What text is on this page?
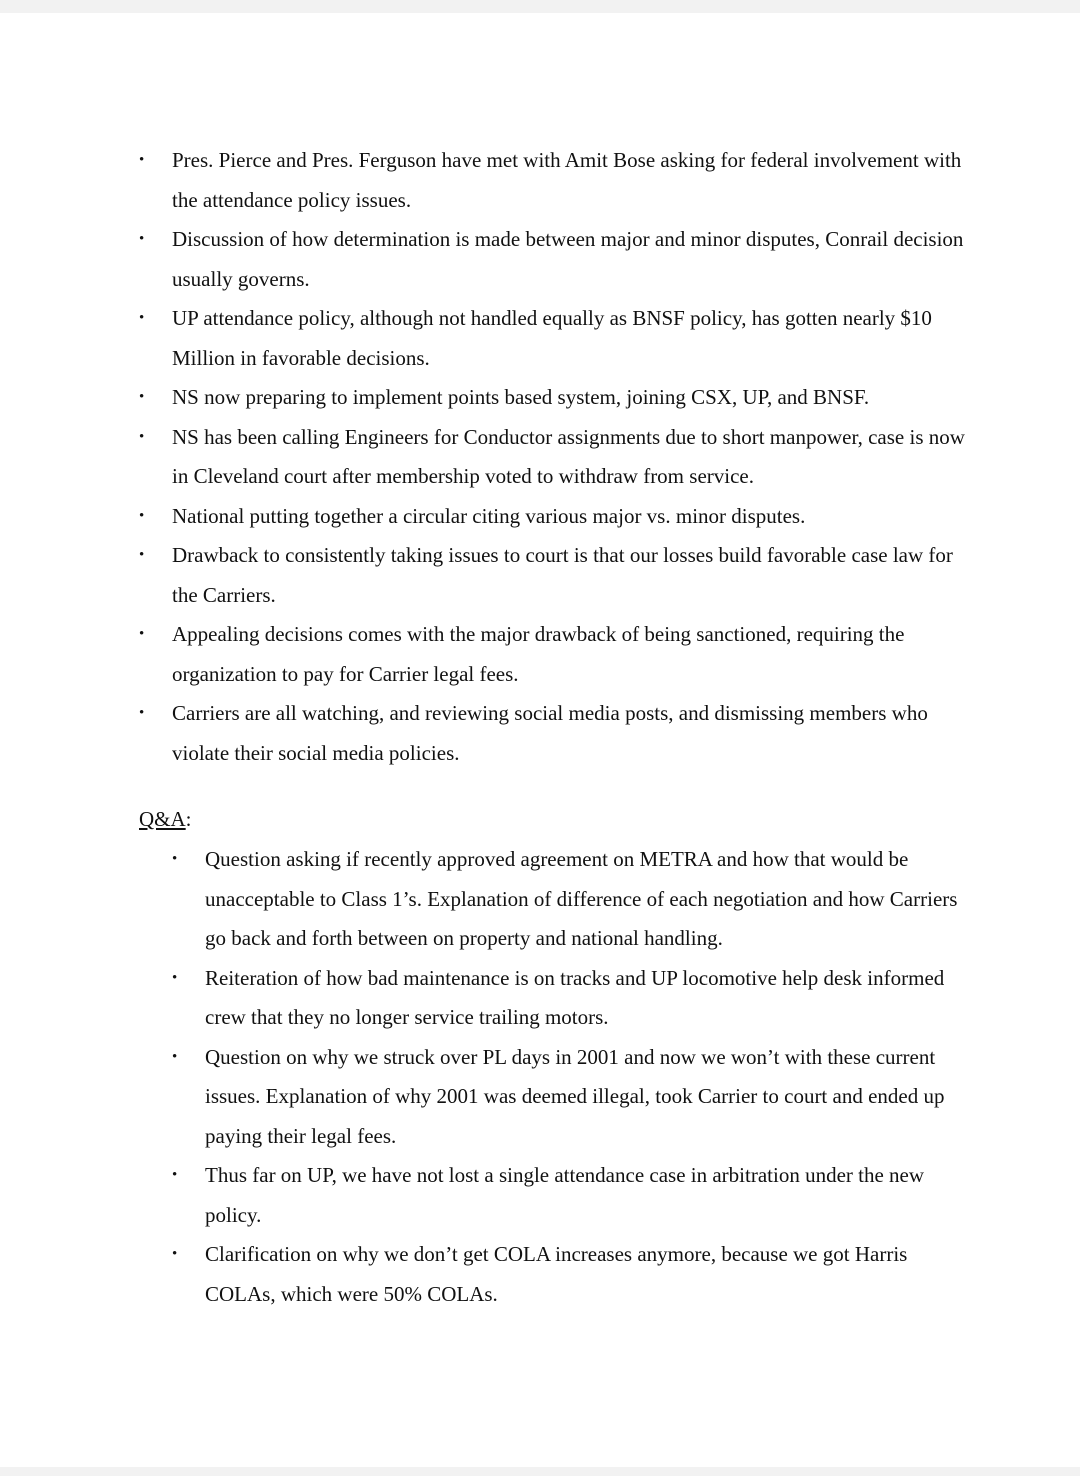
• Pres. Pierce and Pres. Ferguson have met with Amit Bose asking for federal involvement with the attendance policy issues.
• Discussion of how determination is made between major and minor disputes, Conrail decision usually governs.
• UP attendance policy, although not handled equally as BNSF policy, has gotten nearly $10 Million in favorable decisions.
• NS now preparing to implement points based system, joining CSX, UP, and BNSF.
• NS has been calling Engineers for Conductor assignments due to short manpower, case is now in Cleveland court after membership voted to withdraw from service.
• National putting together a circular citing various major vs. minor disputes.
• Drawback to consistently taking issues to court is that our losses build favorable case law for the Carriers.
• Appealing decisions comes with the major drawback of being sanctioned, requiring the organization to pay for Carrier legal fees.
• Carriers are all watching, and reviewing social media posts, and dismissing members who violate their social media policies.
Q&A:
• Question asking if recently approved agreement on METRA and how that would be unacceptable to Class 1’s. Explanation of difference of each negotiation and how Carriers go back and forth between on property and national handling.
• Reiteration of how bad maintenance is on tracks and UP locomotive help desk informed crew that they no longer service trailing motors.
• Question on why we struck over PL days in 2001 and now we won’t with these current issues. Explanation of why 2001 was deemed illegal, took Carrier to court and ended up paying their legal fees.
• Thus far on UP, we have not lost a single attendance case in arbitration under the new policy.
• Clarification on why we don’t get COLA increases anymore, because we got Harris COLAs, which were 50% COLAs.
